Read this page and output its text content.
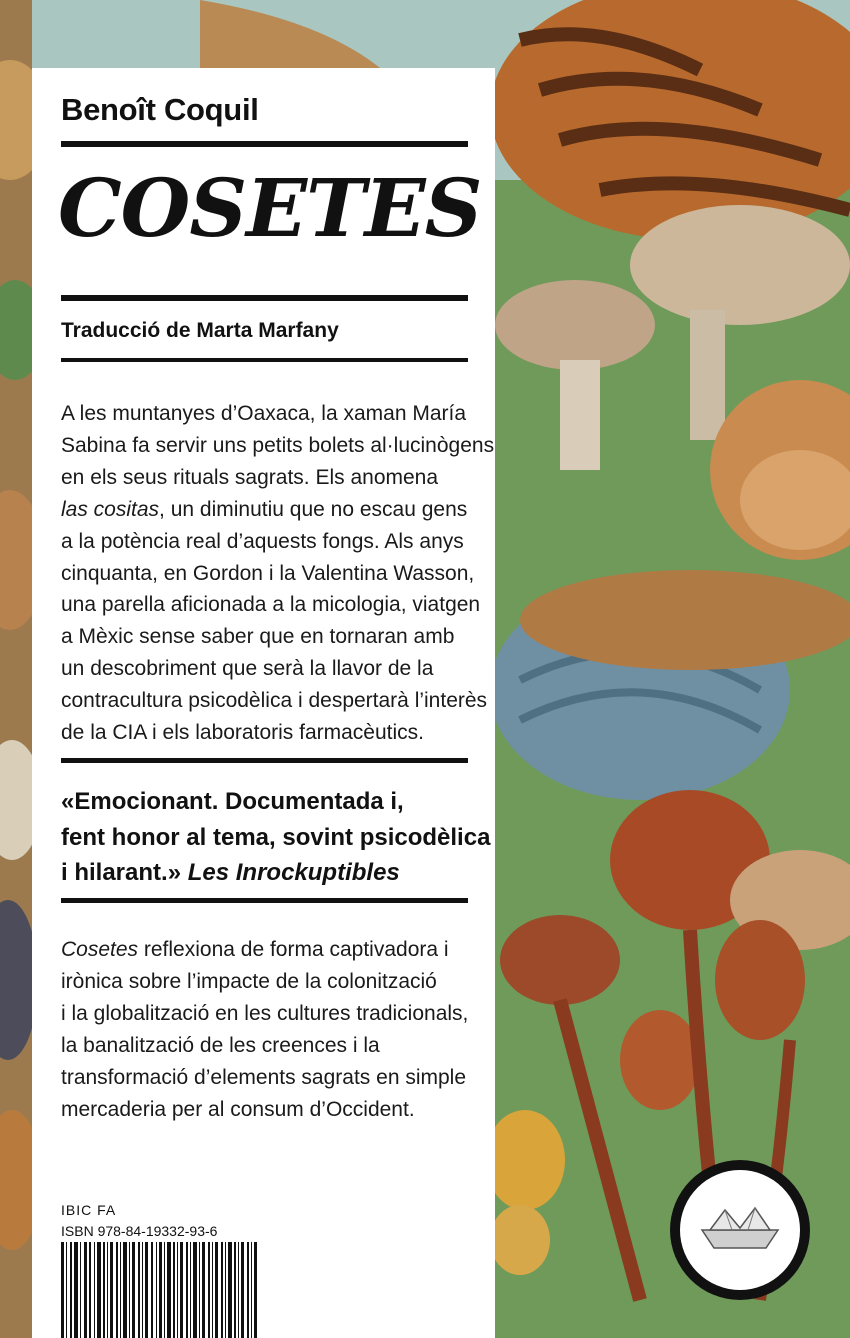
Benoît Coquil
COSETES
Traducció de Marta Marfany

A les muntanyes d’Oaxaca, la xaman María

Sabina fa servir uns petits bolets al·lucinògens

en els seus rituals sagrats. Els anomena

las cositas, un diminutiu que no escau gens

a la potència real d’aquests fongs. Als anys

cinquanta, en Gordon i la Valentina Wasson,

una parella aficionada a la micologia, viatgen

a Mèxic sense saber que en tornaran amb

un descobriment que serà la llavor de la

contracultura psicodèlica i despertarà l’interès

de la CIA i els laboratoris farmacèutics.

«Emocionant. Documentada i,

fent honor al tema, sovint psicodèlica

i hilarant.» Les Inrockuptibles

Cosetes reflexiona de forma captivadora i

irònica sobre l’impacte de la colonització

i la globalització en les cultures tradicionals,

la banalització de les creences i la

transformació d’elements sagrats en simple

mercaderia per al consum d’Occident.

IBIC FA
ISBN 978-84-19332-93-6
